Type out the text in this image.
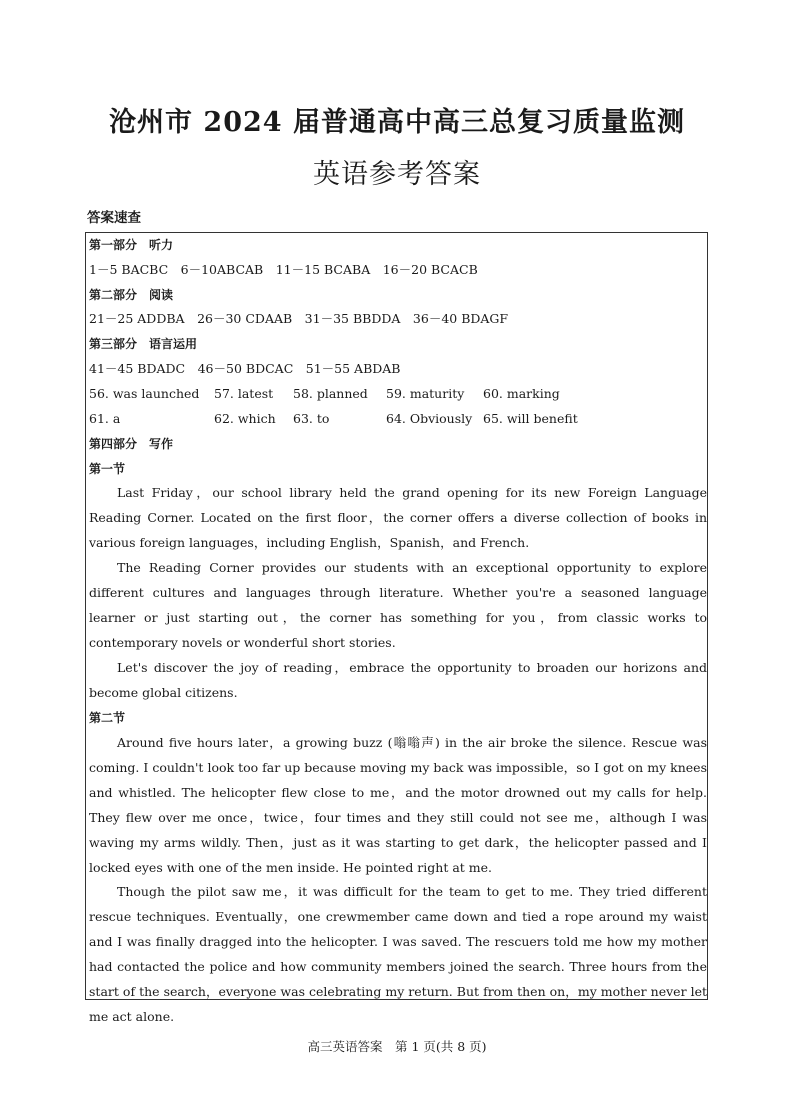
沧州市 2024 届普通高中高三总复习质量监测
英语参考答案
答案速查
第一部分　听力
1－5 BACBC　6－10ABCAB　11－15 BCABA　16－20 BCACB
第二部分　阅读
21－25 ADDBA　26－30 CDAAB　31－35 BBDDA　36－40 BDAGF
第三部分　语言运用
41－45 BDADC　46－50 BDCAC　51－55 ABDAB
56. was launched 57. latest 58. planned 59. maturity 60. marking
61. a	62. which 63. to	64. Obviously 65. will benefit
第四部分　写作
第一节

Last Friday，our school library held the grand opening for its new Foreign Language Reading Corner. Located on the first floor，the corner offers a diverse collection of books in various foreign languages，including English，Spanish，and French.

The Reading Corner provides our students with an exceptional opportunity to explore different cultures and languages through literature. Whether you're a seasoned language learner or just starting out，the corner has something for you，from classic works to contemporary novels or wonderful short stories.

Let's discover the joy of reading，embrace the opportunity to broaden our horizons and become global citizens.

第二节

Around five hours later，a growing buzz (嗡嗡声) in the air broke the silence. Rescue was coming. I couldn't look too far up because moving my back was impossible，so I got on my knees and whistled. The helicopter flew close to me，and the motor drowned out my calls for help. They flew over me once，twice，four times and they still could not see me，although I was waving my arms wildly. Then，just as it was starting to get dark，the helicopter passed and I locked eyes with one of the men inside. He pointed right at me.

Though the pilot saw me，it was difficult for the team to get to me. They tried different rescue techniques. Eventually，one crewmember came down and tied a rope around my waist and I was finally dragged into the helicopter. I was saved. The rescuers told me how my mother had contacted the police and how community members joined the search. Three hours from the start of the search，everyone was celebrating my return. But from then on，my mother never let me act alone.

高三英语答案　第 1 页(共 8 页)
